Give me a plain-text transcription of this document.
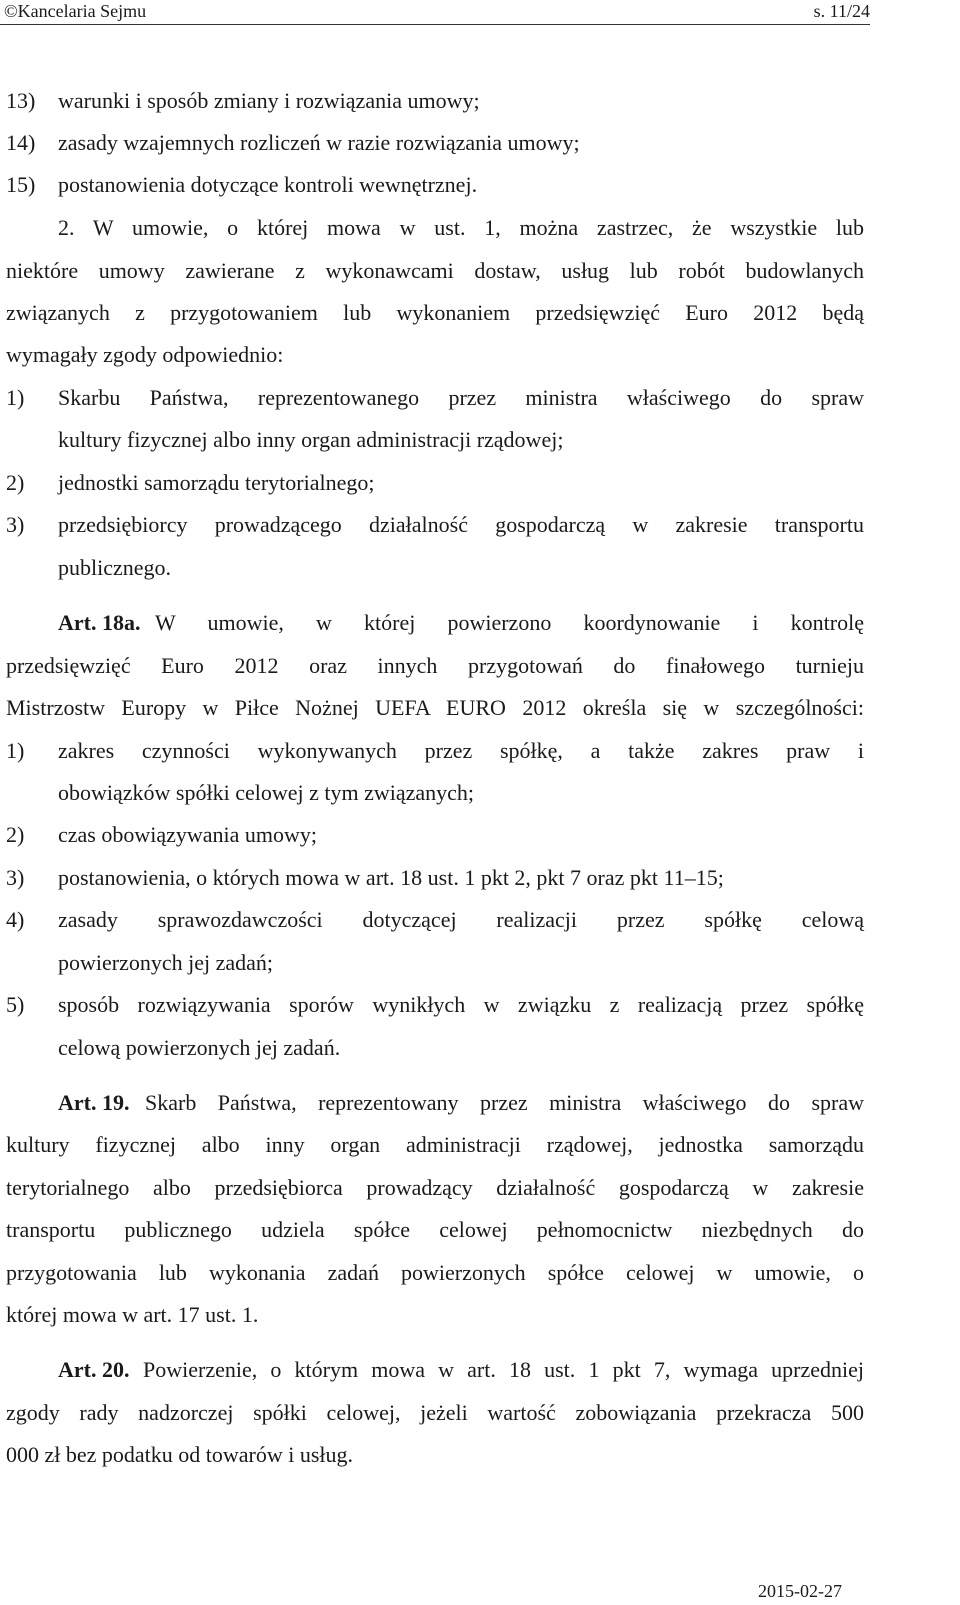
©Kancelaria Sejmu	s. 11/24
13) warunki i sposób zmiany i rozwiązania umowy;

14) zasady wzajemnych rozliczeń w razie rozwiązania umowy;

15) postanowienia dotyczące kontroli wewnętrznej.

2. W umowie, o której mowa w ust. 1, można zastrzec, że wszystkie lub

niektóre umowy zawierane z wykonawcami dostaw, usług lub robót budowlanych

związanych z przygotowaniem lub wykonaniem przedsięwzięć Euro 2012 będą

wymagały zgody odpowiednio:

1) Skarbu Państwa, reprezentowanego przez ministra właściwego do spraw

kultury fizycznej albo inny organ administracji rządowej;

2) jednostki samorządu terytorialnego;

3) przedsiębiorcy prowadzącego działalność gospodarczą w zakresie transportu

publicznego.

Art. 18a. W umowie, w której powierzono koordynowanie i kontrolę

przedsięwzięć Euro 2012 oraz innych przygotowań do finałowego turnieju

Mistrzostw Europy w Piłce Nożnej UEFA EURO 2012 określa się w szczególności:

1) zakres czynności wykonywanych przez spółkę, a także zakres praw i

obowiązków spółki celowej z tym związanych;

2) czas obowiązywania umowy;

3) postanowienia, o których mowa w art. 18 ust. 1 pkt 2, pkt 7 oraz pkt 11–15;

4) zasady sprawozdawczości dotyczącej realizacji przez spółkę celową

powierzonych jej zadań;

5) sposób rozwiązywania sporów wynikłych w związku z realizacją przez spółkę

celową powierzonych jej zadań.

Art. 19. Skarb Państwa, reprezentowany przez ministra właściwego do spraw

kultury fizycznej albo inny organ administracji rządowej, jednostka samorządu

terytorialnego albo przedsiębiorca prowadzący działalność gospodarczą w zakresie

transportu publicznego udziela spółce celowej pełnomocnictw niezbędnych do

przygotowania lub wykonania zadań powierzonych spółce celowej w umowie, o

której mowa w art. 17 ust. 1.

Art. 20. Powierzenie, o którym mowa w art. 18 ust. 1 pkt 7, wymaga uprzedniej

zgody rady nadzorczej spółki celowej, jeżeli wartość zobowiązania przekracza 500

000 zł bez podatku od towarów i usług.

2015-02-27
